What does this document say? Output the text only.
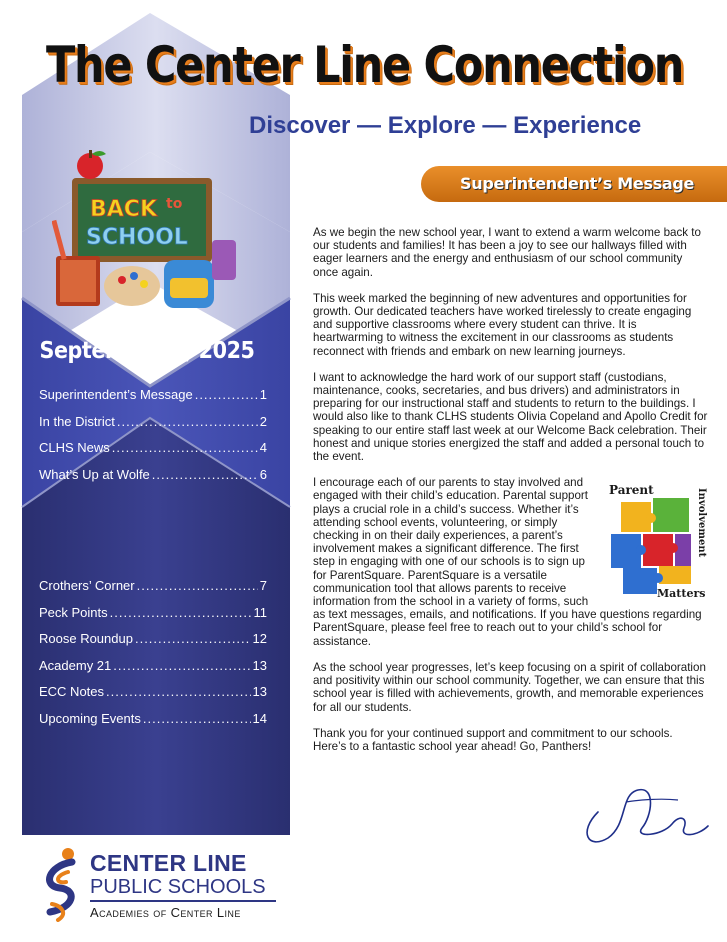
BACK to
SCHOOL
September 5, 2025
Superintendent’s Message .....	1
In the District .....	2
CLHS News .....	4
What’s Up at Wolfe .....	6
Crothers’ Corner .....	7
Peck Points .....	11
Roose Roundup .....	12
Academy 21 .....	13
ECC Notes .....	13
Upcoming Events .....	14
The Center Line Connection
Discover — Explore — Experience
Superintendent’s Message

As we begin the new school year, I want to extend a warm welcome back to our students and families! It has been a joy to see our hallways filled with eager learners and the energy and enthusiasm of our school community once again.

This week marked the beginning of new adventures and opportunities for growth. Our dedicated teachers have worked tirelessly to create engaging and supportive classrooms where every student can thrive. It is heartwarming to witness the excitement in our classrooms as students reconnect with friends and embark on new learning journeys.

I want to acknowledge the hard work of our support staff (custodians, maintenance, cooks, secretaries, and bus drivers) and administrators in preparing for our instructional staff and students to return to the buildings. I would also like to thank CLHS students Olivia Copeland and Apollo Credit for speaking to our entire staff last week at our Welcome Back celebration. Their honest and unique stories energized the staff and added a personal touch to the event.

Parent	Involvement
Matters

I encourage each of our parents to stay involved and engaged with their child’s education. Parental support plays a crucial role in a child’s success. Whether it’s attending school events, volunteering, or simply checking in on their daily experiences, a parent’s involvement makes a significant difference. The first step in engaging with one of our schools is to sign up for ParentSquare. ParentSquare is a versatile communication tool that allows parents to receive information from the school in a variety of forms, such as text messages, emails, and notifications. If you have questions regarding ParentSquare, please feel free to reach out to your child’s school for assistance.

As the school year progresses, let’s keep focusing on a spirit of collaboration and positivity within our school community. Together, we can ensure that this school year is filled with achievements, growth, and memorable experiences for all our students.

Thank you for your continued support and commitment to our schools. Here’s to a fantastic school year ahead! Go, Panthers!

CENTER LINE
PUBLIC SCHOOLS
Academies of Center Line
